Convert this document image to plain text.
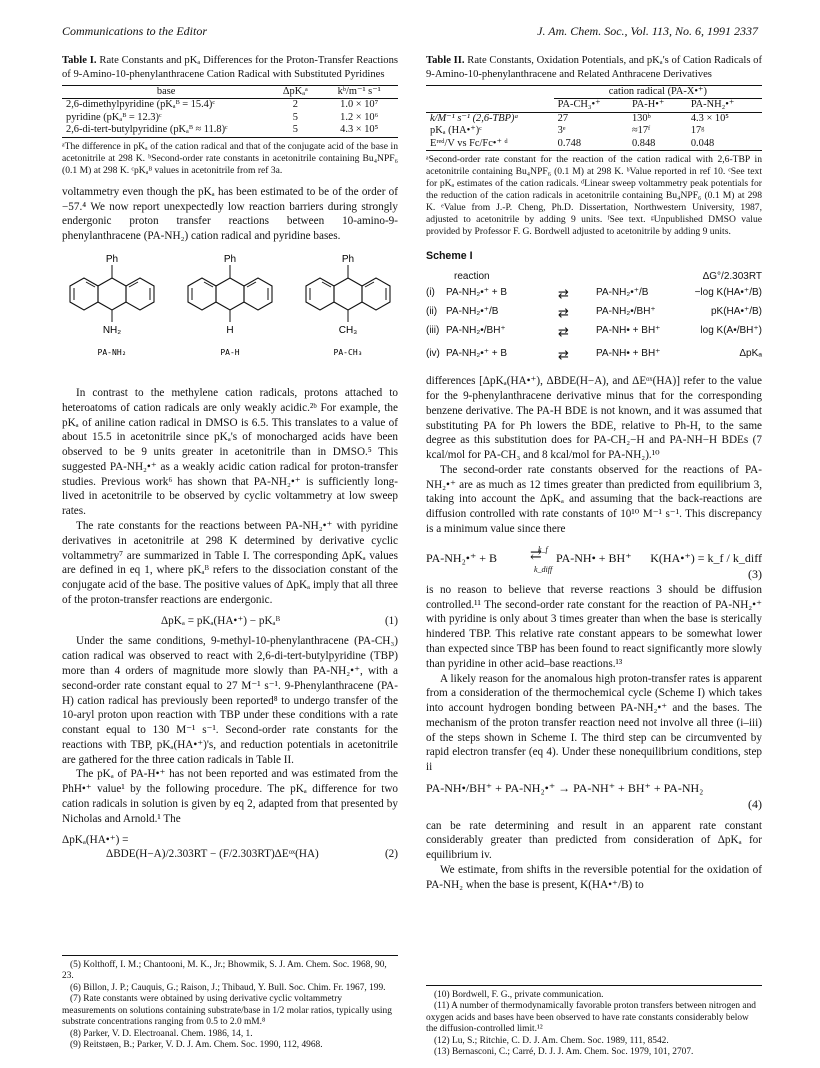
Communications to the Editor	J. Am. Chem. Soc., Vol. 113, No. 6, 1991 2337

Table I. Rate Constants and pKₐ Differences for the Proton-Transfer Reactions of 9-Amino-10-phenylanthracene Cation Radical with Substituted Pyridines

base	ΔpKₐᵃ	kᵇ/m⁻¹ s⁻¹
2,6-dimethylpyridine (pKₐᴮ = 15.4)ᶜ	2	1.0 × 10⁷
pyridine (pKₐᴮ = 12.3)ᶜ	5	1.2 × 10⁶
2,6-di-tert-butylpyridine (pKₐᴮ ≈ 11.8)ᶜ	5	4.3 × 10⁵

ᵃThe difference in pKₐ of the cation radical and that of the conjugate acid of the base in acetonitrile at 298 K. ᵇSecond-order rate constants in acetonitrile containing Bu₄NPF₆ (0.1 M) at 298 K. ᶜpKₐᴮ values in acetonitrile from ref 3a.

voltammetry even though the pKₐ has been estimated to be of the order of −57.⁴ We now report unexpectedly low reaction barriers during strongly endergonic proton transfer reactions between 10-amino-9-phenylanthracene (PA-NH₂) cation radical and pyridine bases.

Ph
NH₂
PA-NH₂
Ph
H
PA-H
Ph
CH₃
PA-CH₃

In contrast to the methylene cation radicals, protons attached to heteroatoms of cation radicals are only weakly acidic.²ᵇ For example, the pKₐ of aniline cation radical in DMSO is 6.5. This translates to a value of about 15.5 in acetonitrile since pKₐ's of monocharged acids have been observed to be 9 units greater in acetonitrile than in DMSO.⁵ This suggested PA-NH₂•⁺ as a weakly acidic cation radical for proton-transfer studies. Previous work⁶ has shown that PA-NH₂•⁺ is sufficiently long-lived in acetonitrile to be observed by cyclic voltammetry at low sweep rates.

The rate constants for the reactions between PA-NH₂•⁺ with pyridine derivatives in acetonitrile at 298 K determined by derivative cyclic voltammetry⁷ are summarized in Table I. The corresponding ΔpKₐ values are defined in eq 1, where pKₐᴮ refers to the dissociation constant of the conjugate acid of the base. The positive values of ΔpKₐ imply that all three of the proton-transfer reactions are endergonic.

ΔpKₐ = pKₐ(HA•⁺) − pKₐᴮ	(1)

Under the same conditions, 9-methyl-10-phenylanthracene (PA-CH₃) cation radical was observed to react with 2,6-di-tert-butylpyridine (TBP) more than 4 orders of magnitude more slowly than PA-NH₂•⁺, with a second-order rate constant equal to 27 M⁻¹ s⁻¹. 9-Phenylanthracene (PA-H) cation radical has previously been reported⁸ to undergo transfer of the 10-aryl proton upon reaction with TBP under these conditions with a rate constant equal to 130 M⁻¹ s⁻¹. Second-order rate constants for the reactions with TBP, pKₐ(HA•⁺)'s, and reduction potentials in acetonitrile are gathered for the three cation radicals in Table II.

The pKₐ of PA-H•⁺ has not been reported and was estimated from the PhH•⁺ value¹ by the following procedure. The pKₐ difference for two cation radicals in solution is given by eq 2, adapted from that presented by Nicholas and Arnold.¹ The

ΔpKₐ(HA•⁺) =
ΔBDE(H−A)/2.303RT − (F/2.303RT)ΔEᵒˣ(HA)	(2)
(5) Kolthoff, I. M.; Chantooni, M. K., Jr.; Bhowmik, S. J. Am. Chem. Soc. 1968, 90, 23.
(6) Billon, J. P.; Cauquis, G.; Raison, J.; Thibaud, Y. Bull. Soc. Chim. Fr. 1967, 199.
(7) Rate constants were obtained by using derivative cyclic voltammetry measurements on solutions containing substrate/base in 1/2 molar ratios, typically using substrate concentrations ranging from 0.5 to 2.0 mM.⁸
(8) Parker, V. D. Electroanal. Chem. 1986, 14, 1.
(9) Reitstøen, B.; Parker, V. D. J. Am. Chem. Soc. 1990, 112, 4968.

Table II. Rate Constants, Oxidation Potentials, and pKₐ's of Cation Radicals of 9-Amino-10-phenylanthracene and Related Anthracene Derivatives

	cation radical (PA-X•⁺)		
	PA-CH₃•⁺	PA-H•⁺	PA-NH₂•⁺
k/M⁻¹ s⁻¹ (2,6-TBP)ᵃ	27	130ᵇ	4.3 × 10⁵
pKₐ (HA•⁺)ᶜ	3ᵉ	≈17ᶠ	17ᵍ
Eʳᵉᵈ/V vs Fc/Fc•⁺ ᵈ	0.748	0.848	0.048

ᵃSecond-order rate constant for the reaction of the cation radical with 2,6-TBP in acetonitrile containing Bu₄NPF₆ (0.1 M) at 298 K. ᵇValue reported in ref 10. ᶜSee text for pKₐ estimates of the cation radicals. ᵈLinear sweep voltammetry peak potentials for the reduction of the cation radicals in acetonitrile containing Bu₄NPF₆ (0.1 M) at 298 K. ᵉValue from J.-P. Cheng, Ph.D. Dissertation, Northwestern University, 1987, adjusted to acetonitrile by adding 9 units. ᶠSee text. ᵍUnpublished DMSO value provided by Professor F. G. Bordwell adjusted to acetonitrile by adding 9 units.

Scheme I
reaction	ΔG°/2.303RT
(i) PA-NH₂•⁺ + B	⇄	PA-NH₂•⁺/B	−log K(HA•⁺/B)
(ii) PA-NH₂•⁺/B	⇄	PA-NH₂•/BH⁺	pK(HA•⁺/B)
(iii) PA-NH₂•/BH⁺	⇄	PA-NH• + BH⁺	log K(A•/BH⁺)
(iv) PA-NH₂•⁺ + B	⇄	PA-NH• + BH⁺	ΔpKₐ

differences [ΔpKₐ(HA•⁺), ΔBDE(H−A), and ΔEᵒˣ(HA)] refer to the value for the 9-phenylanthracene derivative minus that for the corresponding benzene derivative. The PA-H BDE is not known, and it was assumed that substituting PA for Ph lowers the BDE, relative to Ph-H, to the same degree as this substitution does for PA-CH₂−H and PA-NH−H BDEs (7 kcal/mol for PA-CH₃ and 8 kcal/mol for PA-NH₂).¹⁰

The second-order rate constants observed for the reactions of PA-NH₂•⁺ are as much as 12 times greater than predicted from equilibrium 3, taking into account the ΔpKₐ and assuming that the back-reactions are diffusion controlled with rate constants of 10¹⁰ M⁻¹ s⁻¹. This discrepancy is a minimum value since there

PA-NH₂•⁺ + B
k_f
⇄
k_diff
PA-NH• + BH⁺ K(HA•⁺) = k_f / k_diff
(3)

is no reason to believe that reverse reactions 3 should be diffusion controlled.¹¹ The second-order rate constant for the reaction of PA-NH₂•⁺ with pyridine is only about 3 times greater than when the base is sterically hindered TBP. This relative rate constant appears to be somewhat lower than expected since TBP has been found to react significantly more slowly than pyridine in other acid–base reactions.¹³

A likely reason for the anomalous high proton-transfer rates is apparent from a consideration of the thermochemical cycle (Scheme I) which takes into account hydrogen bonding between PA-NH₂•⁺ and the bases. The mechanism of the proton transfer reaction need not involve all three (i–iii) of the steps shown in Scheme I. The third step can be circumvented by rapid electron transfer (eq 4). Under these nonequilibrium conditions, step ii

PA-NH•/BH⁺ + PA-NH₂•⁺ → PA-NH⁺ + BH⁺ + PA-NH₂
(4)

can be rate determining and result in an apparent rate constant considerably greater than predicted from consideration of ΔpKₐ for equilibrium iv.

We estimate, from shifts in the reversible potential for the oxidation of PA-NH₂ when the base is present, K(HA•⁺/B) to

(10) Bordwell, F. G., private communication.
(11) A number of thermodynamically favorable proton transfers between nitrogen and oxygen acids and bases have been observed to have rate constants considerably below the diffusion-controlled limit.¹²
(12) Lu, S.; Ritchie, C. D. J. Am. Chem. Soc. 1989, 111, 8542.
(13) Bernasconi, C.; Carré, D. J. J. Am. Chem. Soc. 1979, 101, 2707.
